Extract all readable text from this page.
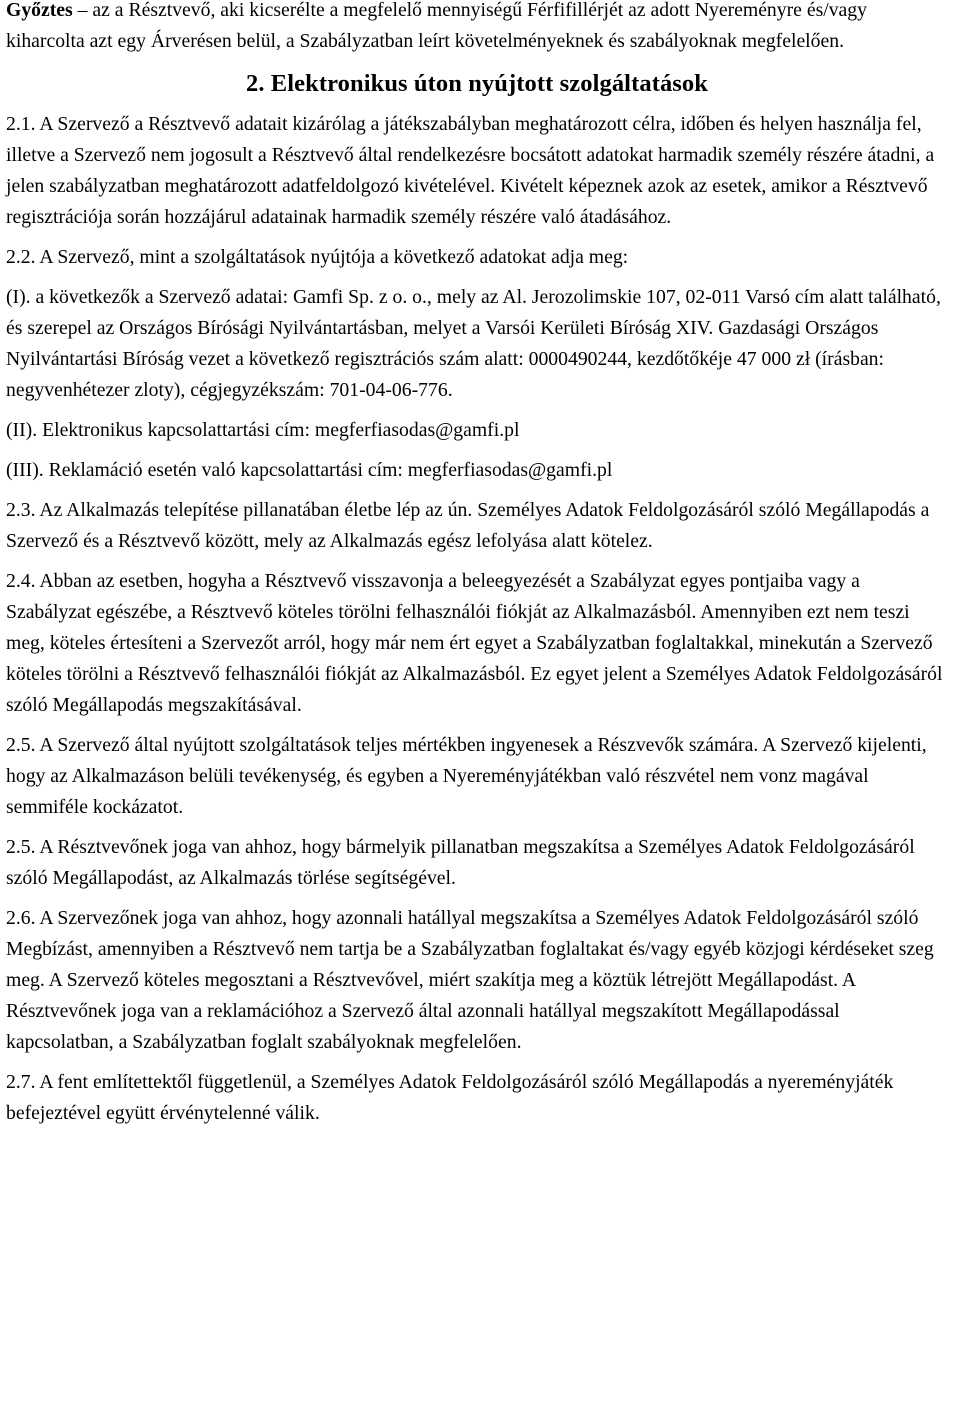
Győztes – az a Résztvevő, aki kicserélte a megfelelő mennyiségű Férfifillérjét az adott Nyereményre és/vagy kiharcolta azt egy Árverésen belül, a Szabályzatban leírt követelményeknek és szabályoknak megfelelően.

2. Elektronikus úton nyújtott szolgáltatások

2.1. A Szervező a Résztvevő adatait kizárólag a játékszabályban meghatározott célra, időben és helyen használja fel, illetve a Szervező nem jogosult a Résztvevő által rendelkezésre bocsátott adatokat harmadik személy részére átadni, a jelen szabályzatban meghatározott adatfeldolgozó kivételével. Kivételt képeznek azok az esetek, amikor a Résztvevő regisztrációja során hozzájárul adatainak harmadik személy részére való átadásához.

2.2. A Szervező, mint a szolgáltatások nyújtója a következő adatokat adja meg:

(I). a következők a Szervező adatai: Gamfi Sp. z o. o., mely az Al. Jerozolimskie 107, 02-011 Varsó cím alatt található, és szerepel az Országos Bírósági Nyilvántartásban, melyet a Varsói Kerületi Bíróság XIV. Gazdasági Országos Nyilvántartási Bíróság vezet a következő regisztrációs szám alatt: 0000490244, kezdőtőkéje 47 000 zł (írásban: negyvenhétezer zloty), cégjegyzékszám: 701-04-06-776.

(II). Elektronikus kapcsolattartási cím: megferfiasodas@gamfi.pl

(III). Reklamáció esetén való kapcsolattartási cím: megferfiasodas@gamfi.pl

2.3. Az Alkalmazás telepítése pillanatában életbe lép az ún. Személyes Adatok Feldolgozásáról szóló Megállapodás a Szervező és a Résztvevő között, mely az Alkalmazás egész lefolyása alatt kötelez.

2.4. Abban az esetben, hogyha a Résztvevő visszavonja a beleegyezését a Szabályzat egyes pontjaiba vagy a Szabályzat egészébe, a Résztvevő köteles törölni felhasználói fiókját az Alkalmazásból. Amennyiben ezt nem teszi meg, köteles értesíteni a Szervezőt arról, hogy már nem ért egyet a Szabályzatban foglaltakkal, minekután a Szervező köteles törölni a Résztvevő felhasználói fiókját az Alkalmazásból. Ez egyet jelent a Személyes Adatok Feldolgozásáról szóló Megállapodás megszakításával.

2.5. A Szervező által nyújtott szolgáltatások teljes mértékben ingyenesek a Részvevők számára. A Szervező kijelenti, hogy az Alkalmazáson belüli tevékenység, és egyben a Nyereményjátékban való részvétel nem vonz magával semmiféle kockázatot.

2.5. A Résztvevőnek joga van ahhoz, hogy bármelyik pillanatban megszakítsa a Személyes Adatok Feldolgozásáról szóló Megállapodást, az Alkalmazás törlése segítségével.

2.6. A Szervezőnek joga van ahhoz, hogy azonnali hatállyal megszakítsa a Személyes Adatok Feldolgozásáról szóló Megbízást, amennyiben a Résztvevő nem tartja be a Szabályzatban foglaltakat és/vagy egyéb közjogi kérdéseket szeg meg. A Szervező köteles megosztani a Résztvevővel, miért szakítja meg a köztük létrejött Megállapodást. A Résztvevőnek joga van a reklamációhoz a Szervező által azonnali hatállyal megszakított Megállapodással kapcsolatban, a Szabályzatban foglalt szabályoknak megfelelően.

2.7. A fent említettektől függetlenül, a Személyes Adatok Feldolgozásáról szóló Megállapodás a nyereményjáték befejeztével együtt érvénytelenné válik.
